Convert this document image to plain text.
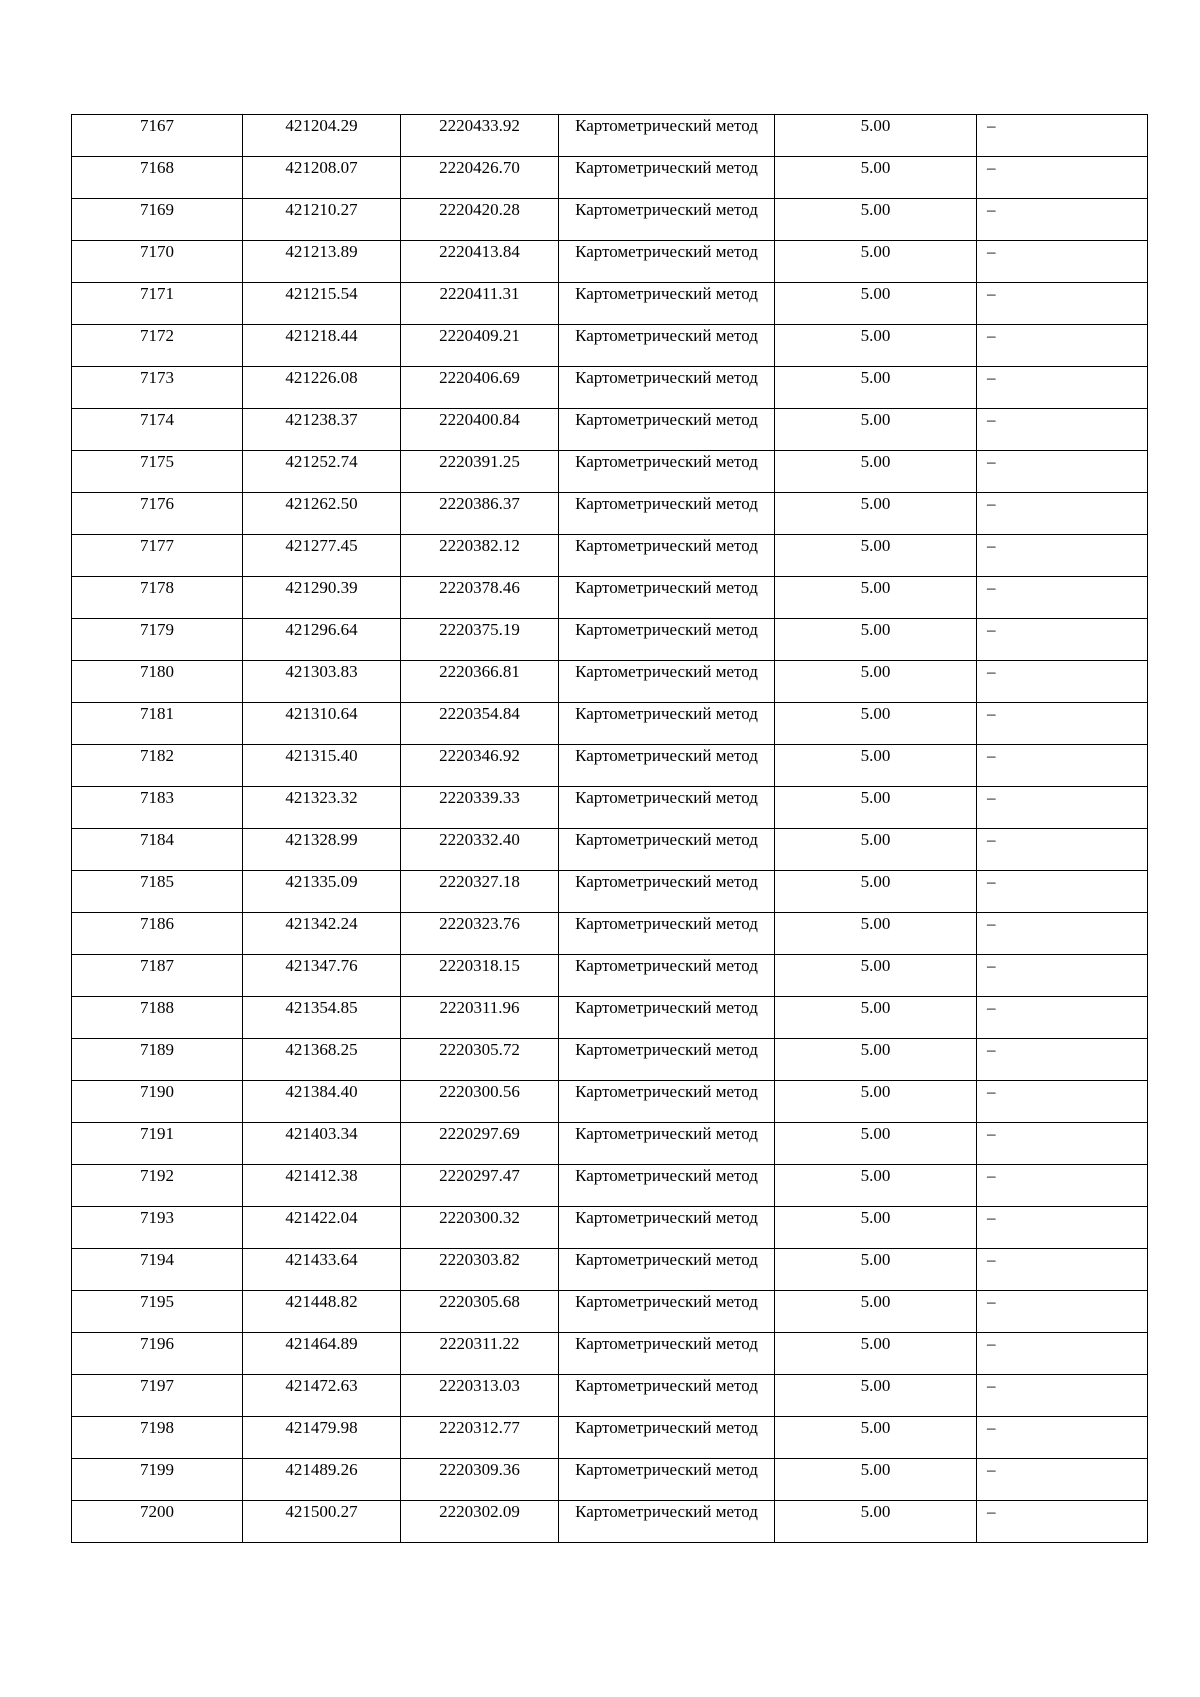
7167	421204.29	2220433.92	Картометрический метод	5.00	–
7168	421208.07	2220426.70	Картометрический метод	5.00	–
7169	421210.27	2220420.28	Картометрический метод	5.00	–
7170	421213.89	2220413.84	Картометрический метод	5.00	–
7171	421215.54	2220411.31	Картометрический метод	5.00	–
7172	421218.44	2220409.21	Картометрический метод	5.00	–
7173	421226.08	2220406.69	Картометрический метод	5.00	–
7174	421238.37	2220400.84	Картометрический метод	5.00	–
7175	421252.74	2220391.25	Картометрический метод	5.00	–
7176	421262.50	2220386.37	Картометрический метод	5.00	–
7177	421277.45	2220382.12	Картометрический метод	5.00	–
7178	421290.39	2220378.46	Картометрический метод	5.00	–
7179	421296.64	2220375.19	Картометрический метод	5.00	–
7180	421303.83	2220366.81	Картометрический метод	5.00	–
7181	421310.64	2220354.84	Картометрический метод	5.00	–
7182	421315.40	2220346.92	Картометрический метод	5.00	–
7183	421323.32	2220339.33	Картометрический метод	5.00	–
7184	421328.99	2220332.40	Картометрический метод	5.00	–
7185	421335.09	2220327.18	Картометрический метод	5.00	–
7186	421342.24	2220323.76	Картометрический метод	5.00	–
7187	421347.76	2220318.15	Картометрический метод	5.00	–
7188	421354.85	2220311.96	Картометрический метод	5.00	–
7189	421368.25	2220305.72	Картометрический метод	5.00	–
7190	421384.40	2220300.56	Картометрический метод	5.00	–
7191	421403.34	2220297.69	Картометрический метод	5.00	–
7192	421412.38	2220297.47	Картометрический метод	5.00	–
7193	421422.04	2220300.32	Картометрический метод	5.00	–
7194	421433.64	2220303.82	Картометрический метод	5.00	–
7195	421448.82	2220305.68	Картометрический метод	5.00	–
7196	421464.89	2220311.22	Картометрический метод	5.00	–
7197	421472.63	2220313.03	Картометрический метод	5.00	–
7198	421479.98	2220312.77	Картометрический метод	5.00	–
7199	421489.26	2220309.36	Картометрический метод	5.00	–
7200	421500.27	2220302.09	Картометрический метод	5.00	–
